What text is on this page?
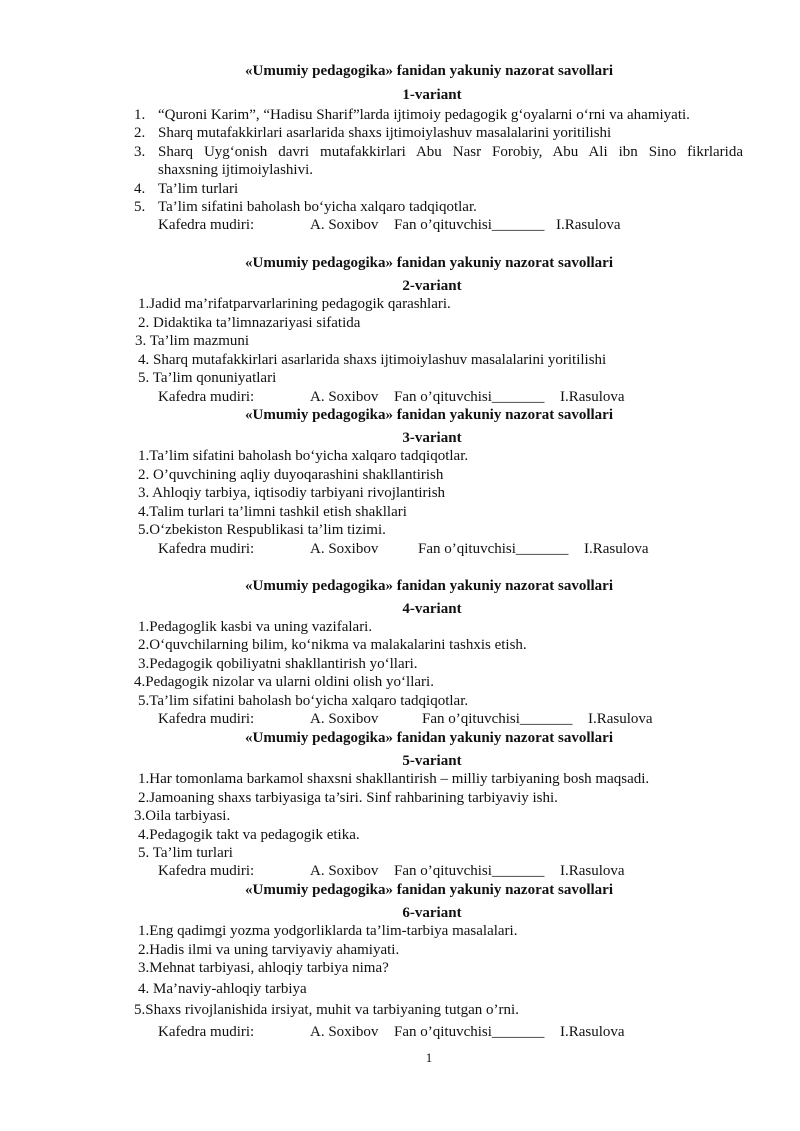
«Umumiy pedagogika» fanidan yakuniy nazorat savollari
1-variant
1. “Quroni Karim”, “Hadisu Sharif”larda ijtimoiy pedagogik gʻoyalarni oʻrni va ahamiyati.
2. Sharq mutafakkirlari asarlarida shaxs ijtimoiylashuv masalalarini yoritilishi
3. Sharq Uygʻonish davri mutafakkirlari Abu Nasr Forobiy, Abu Ali ibn Sino fikrlarida
shaxsning ijtimoiylashivi.
4. Ta’lim turlari
5. Ta’lim sifatini baholash boʻyicha xalqaro tadqiqotlar.
Kafedra mudiri:	A. Soxibov Fan o’qituvchisi_______ I.Rasulova
«Umumiy pedagogika» fanidan yakuniy nazorat savollari
2-variant
1.Jadid ma’rifatparvarlarining pedagogik qarashlari.
2. Didaktika ta’limnazariyasi sifatida
3. Ta’lim mazmuni
4. Sharq mutafakkirlari asarlarida shaxs ijtimoiylashuv masalalarini yoritilishi
5. Ta’lim qonuniyatlari
Kafedra mudiri:	A. Soxibov Fan o’qituvchisi_______ I.Rasulova
«Umumiy pedagogika» fanidan yakuniy nazorat savollari
3-variant
1.Ta’lim sifatini baholash boʻyicha xalqaro tadqiqotlar.
2. O’quvchining aqliy duyoqarashini shakllantirish
3. Ahloqiy tarbiya, iqtisodiy tarbiyani rivojlantirish
4.Talim turlari ta’limni tashkil etish shakllari
5.Oʻzbekiston Respublikasi ta’lim tizimi.
Kafedra mudiri:	A. Soxibov	Fan o’qituvchisi_______ I.Rasulova
«Umumiy pedagogika» fanidan yakuniy nazorat savollari
4-variant
1.Pedagoglik kasbi va uning vazifalari.
2.Oʻquvchilarning bilim, koʻnikma va malakalarini tashxis etish.
3.Pedagogik qobiliyatni shakllantirish yoʻllari.
4.Pedagogik nizolar va ularni oldini olish yoʻllari.
5.Ta’lim sifatini baholash boʻyicha xalqaro tadqiqotlar.
Kafedra mudiri:	A. Soxibov	Fan o’qituvchisi_______ I.Rasulova
«Umumiy pedagogika» fanidan yakuniy nazorat savollari
5-variant
1.Har tomonlama barkamol shaxsni shakllantirish – milliy tarbiyaning bosh maqsadi.
2.Jamoaning shaxs tarbiyasiga ta’siri. Sinf rahbarining tarbiyaviy ishi.
3.Oila tarbiyasi.
4.Pedagogik takt va pedagogik etika.
5. Ta’lim turlari
Kafedra mudiri:	A. Soxibov Fan o’qituvchisi_______ I.Rasulova
«Umumiy pedagogika» fanidan yakuniy nazorat savollari
6-variant
1.Eng qadimgi yozma yodgorliklarda ta’lim-tarbiya masalalari.
2.Hadis ilmi va uning tarviyaviy ahamiyati.
3.Mehnat tarbiyasi, ahloqiy tarbiya nima?
4. Ma’naviy-ahloqiy tarbiya
5.Shaxs rivojlanishida irsiyat, muhit va tarbiyaning tutgan o’rni.
Kafedra mudiri:	A. Soxibov Fan o’qituvchisi_______ I.Rasulova
1
